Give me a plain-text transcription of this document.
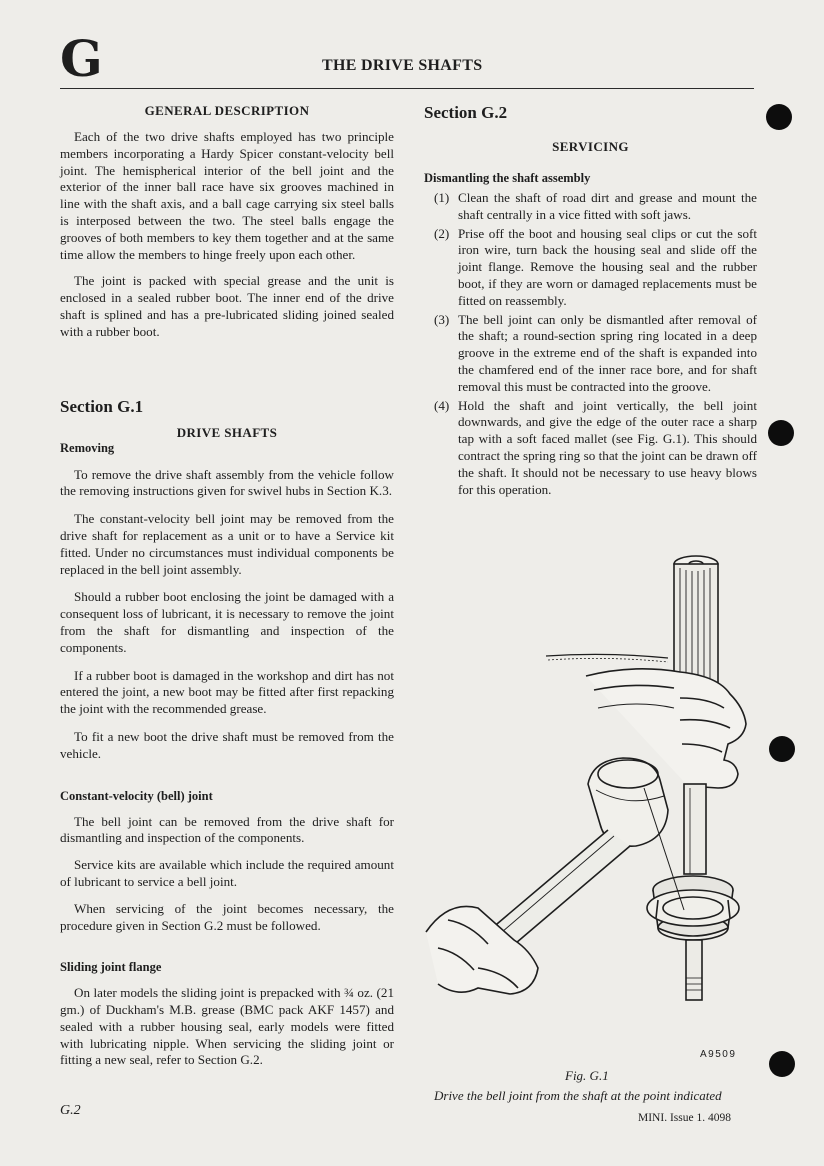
G	THE DRIVE SHAFTS
GENERAL DESCRIPTION

Each of the two drive shafts employed has two principle members incorporating a Hardy Spicer constant-velocity bell joint. The hemispherical interior of the bell joint and the exterior of the inner ball race have six grooves machined in line with the shaft axis, and a ball cage carrying six steel balls is interposed between the two. The steel balls engage the grooves of both members to key them together and at the same time allow the members to hinge freely upon each other.

The joint is packed with special grease and the unit is enclosed in a sealed rubber boot. The inner end of the drive shaft is splined and has a pre-lubricated sliding joined sealed with a rubber boot.

Section G.1
DRIVE SHAFTS
Removing

To remove the drive shaft assembly from the vehicle follow the removing instructions given for swivel hubs in Section K.3.

The constant-velocity bell joint may be removed from the drive shaft for replacement as a unit or to have a Service kit fitted. Under no circumstances must individual components be replaced in the bell joint assembly.

Should a rubber boot enclosing the joint be damaged with a consequent loss of lubricant, it is necessary to remove the joint from the shaft for dismantling and inspection of the components.

If a rubber boot is damaged in the workshop and dirt has not entered the joint, a new boot may be fitted after first repacking the joint with the recommended grease.

To fit a new boot the drive shaft must be removed from the vehicle.

Constant-velocity (bell) joint

The bell joint can be removed from the drive shaft for dismantling and inspection of the components.

Service kits are available which include the required amount of lubricant to service a bell joint.

When servicing of the joint becomes necessary, the procedure given in Section G.2 must be followed.

Sliding joint flange

On later models the sliding joint is prepacked with ¾ oz. (21 gm.) of Duckham's M.B. grease (BMC pack AKF 1457) and sealed with a rubber housing seal, early models were fitted with lubricating nipple. When servicing the sliding joint or fitting a new seal, refer to Section G.2.

Section G.2
SERVICING
Dismantling the shaft assembly
(1) Clean the shaft of road dirt and grease and mount the shaft centrally in a vice fitted with soft jaws.
(2) Prise off the boot and housing seal clips or cut the soft iron wire, turn back the housing seal and slide off the joint flange. Remove the housing seal and the rubber boot, if they are worn or damaged replacements must be fitted on reassembly.
(3) The bell joint can only be dismantled after removal of the shaft; a round-section spring ring located in a deep groove in the extreme end of the shaft is expanded into the chamfered end of the inner race bore, and for shaft removal this must be contracted into the groove.
(4) Hold the shaft and joint vertically, the bell joint downwards, and give the edge of the outer race a sharp tap with a soft faced mallet (see Fig. G.1). This should contract the spring ring so that the joint can be drawn off the shaft. It should not be necessary to use heavy blows for this operation.
A9509
Fig. G.1
Drive the bell joint from the shaft at the point indicated
G.2	MINI. Issue 1. 4098
